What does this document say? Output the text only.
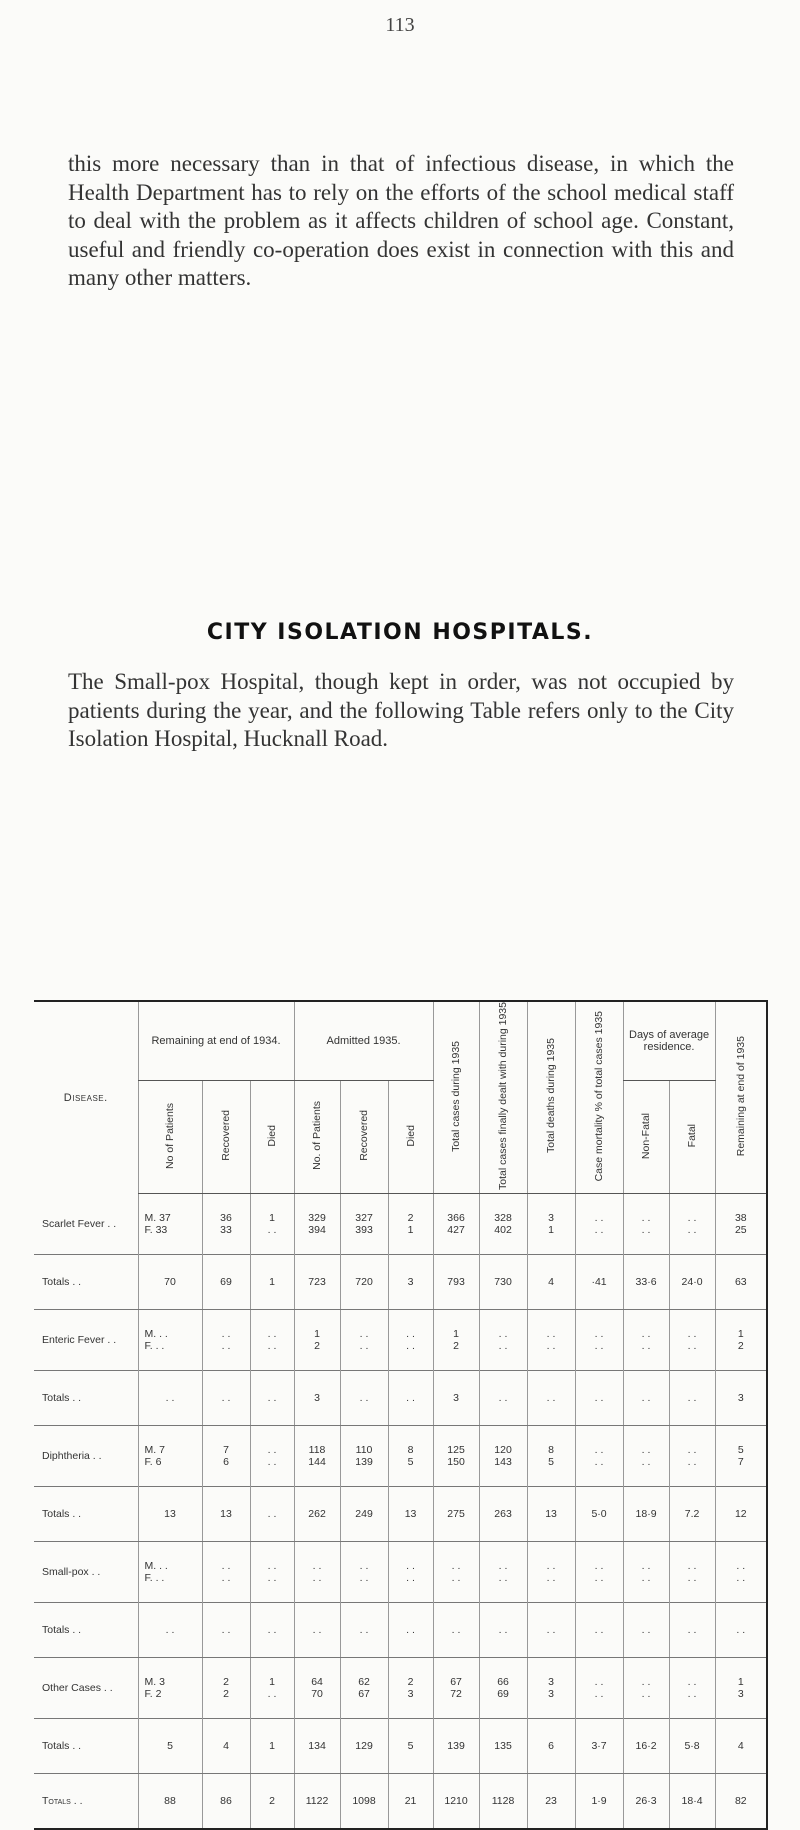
113

this more necessary than in that of infectious disease, in which the Health Department has to rely on the efforts of the school medical staff to deal with the problem as it affects children of school age. Constant, useful and friendly co-operation does exist in connection with this and many other matters.

CITY ISOLATION HOSPITALS.

The Small-pox Hospital, though kept in order, was not occupied by patients during the year, and the following Table refers only to the City Isolation Hospital, Hucknall Road.

Disease.	Remaining at end of 1934.			Admitted 1935.			Total cases during 1935	Total cases finally dealt with during 1935	Total deaths during 1935	Case mortality % of total cases 1935	Days of average residence.		Remaining at end of 1935
	No of Patients	Recovered	Died	No. of Patients	Recovered	Died					Non-Fatal	Fatal	
Scarlet Fever . .	M. 37	36	1	329	327	2	366	328	3	. .	. .	. .	38
	F. 33	33	. .	394	393	1	427	402	1	. .	. .	. .	25
Totals . .	70	69	1	723	720	3	793	730	4	·41	33·6	24·0	63
Enteric Fever . .	M. . .	. .	. .	1	. .	. .	1	. .	. .	. .	. .	. .	1
	F. . .	. .	. .	2	. .	. .	2	. .	. .	. .	. .	. .	2
Totals . .	. .	. .	. .	3	. .	. .	3	. .	. .	. .	. .	. .	3
Diphtheria . .	M. 7	7	. .	118	110	8	125	120	8	. .	. .	. .	5
	F. 6	6	. .	144	139	5	150	143	5	. .	. .	. .	7
Totals . .	13	13	. .	262	249	13	275	263	13	5·0	18·9	7.2	12
Small-pox . .	M. . .	. .	. .	. .	. .	. .	. .	. .	. .	. .	. .	. .	. .
	F. . .	. .	. .	. .	. .	. .	. .	. .	. .	. .	. .	. .	. .
Totals . .	. .	. .	. .	. .	. .	. .	. .	. .	. .	. .	. .	. .	. .
Other Cases . .	M. 3	2	1	64	62	2	67	66	3	. .	. .	. .	1
	F. 2	2	. .	70	67	3	72	69	3	. .	. .	. .	3
Totals . .	5	4	1	134	129	5	139	135	6	3·7	16·2	5·8	4
Totals . .	88	86	2	1122	1098	21	1210	1128	23	1·9	26·3	18·4	82
